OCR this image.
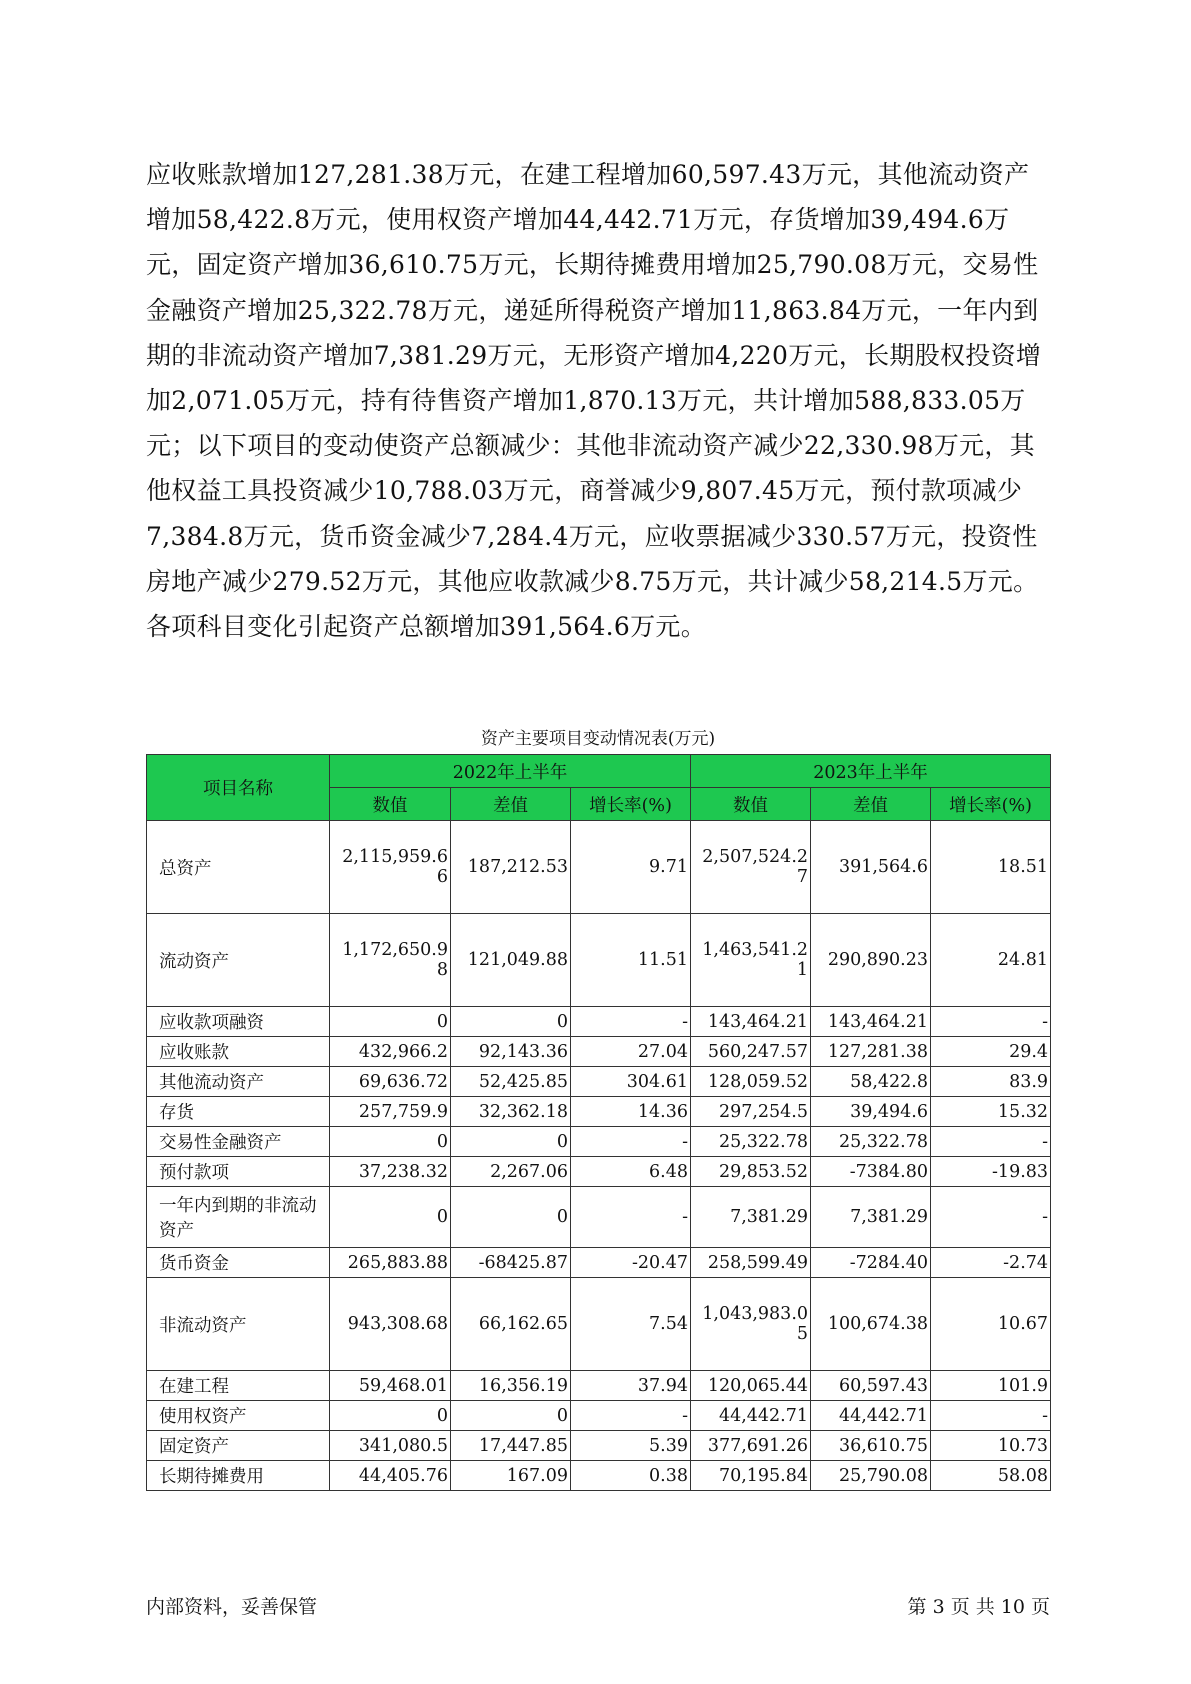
应收账款增加127,281.38万元，在建工程增加60,597.43万元，其他流动资产增加58,422.8万元，使用权资产增加44,442.71万元，存货增加39,494.6万元，固定资产增加36,610.75万元，长期待摊费用增加25,790.08万元，交易性金融资产增加25,322.78万元，递延所得税资产增加11,863.84万元，一年内到期的非流动资产增加7,381.29万元，无形资产增加4,220万元，长期股权投资增加2,071.05万元，持有待售资产增加1,870.13万元，共计增加588,833.05万元；以下项目的变动使资产总额减少：其他非流动资产减少22,330.98万元，其他权益工具投资减少10,788.03万元，商誉减少9,807.45万元，预付款项减少7,384.8万元，货币资金减少7,284.4万元，应收票据减少330.57万元，投资性房地产减少279.52万元，其他应收款减少8.75万元，共计减少58,214.5万元。各项科目变化引起资产总额增加391,564.6万元。

资产主要项目变动情况表(万元)
项目名称	2022年上半年			2023年上半年		
	数值	差值	增长率(%)	数值	差值	增长率(%)
总资产	2,115,959.66	187,212.53	9.71	2,507,524.27	391,564.6	18.51
流动资产	1,172,650.98	121,049.88	11.51	1,463,541.21	290,890.23	24.81
应收款项融资	0	0	-	143,464.21	143,464.21	-
应收账款	432,966.2	92,143.36	27.04	560,247.57	127,281.38	29.4
其他流动资产	69,636.72	52,425.85	304.61	128,059.52	58,422.8	83.9
存货	257,759.9	32,362.18	14.36	297,254.5	39,494.6	15.32
交易性金融资产	0	0	-	25,322.78	25,322.78	-
预付款项	37,238.32	2,267.06	6.48	29,853.52	-7384.80	-19.83
一年内到期的非流动资产	0	0	-	7,381.29	7,381.29	-
货币资金	265,883.88	-68425.87	-20.47	258,599.49	-7284.40	-2.74
非流动资产	943,308.68	66,162.65	7.54	1,043,983.05	100,674.38	10.67
在建工程	59,468.01	16,356.19	37.94	120,065.44	60,597.43	101.9
使用权资产	0	0	-	44,442.71	44,442.71	-
固定资产	341,080.5	17,447.85	5.39	377,691.26	36,610.75	10.73
长期待摊费用	44,405.76	167.09	0.38	70,195.84	25,790.08	58.08
内部资料，妥善保管	第 3 页 共 10 页
